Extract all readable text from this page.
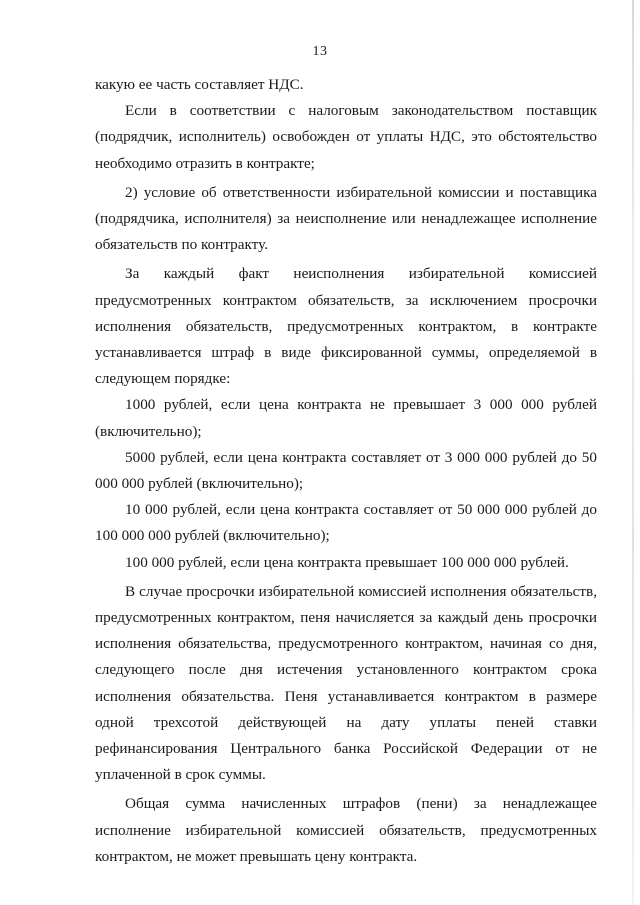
13

какую ее часть составляет НДС.

Если в соответствии с налоговым законодательством поставщик (подрядчик, исполнитель) освобожден от уплаты НДС, это обстоятельство необходимо отразить в контракте;

2) условие об ответственности избирательной комиссии и поставщика (подрядчика, исполнителя) за неисполнение или ненадлежащее исполнение обязательств по контракту.

За каждый факт неисполнения избирательной комиссией предусмотренных контрактом обязательств, за исключением просрочки исполнения обязательств, предусмотренных контрактом, в контракте устанавливается штраф в виде фиксированной суммы, определяемой в следующем порядке:

1000 рублей, если цена контракта не превышает 3 000 000 рублей (включительно);

5000 рублей, если цена контракта составляет от 3 000 000 рублей до 50 000 000 рублей (включительно);

10 000 рублей, если цена контракта составляет от 50 000 000 рублей до 100 000 000 рублей (включительно);

100 000 рублей, если цена контракта превышает 100 000 000 рублей.

В случае просрочки избирательной комиссией исполнения обязательств, предусмотренных контрактом, пеня начисляется за каждый день просрочки исполнения обязательства, предусмотренного контрактом, начиная со дня, следующего после дня истечения установленного контрактом срока исполнения обязательства. Пеня устанавливается контрактом в размере одной трехсотой действующей на дату уплаты пеней ставки рефинансирования Центрального банка Российской Федерации от не уплаченной в срок суммы.

Общая сумма начисленных штрафов (пени) за ненадлежащее исполнение избирательной комиссией обязательств, предусмотренных контрактом, не может превышать цену контракта.
